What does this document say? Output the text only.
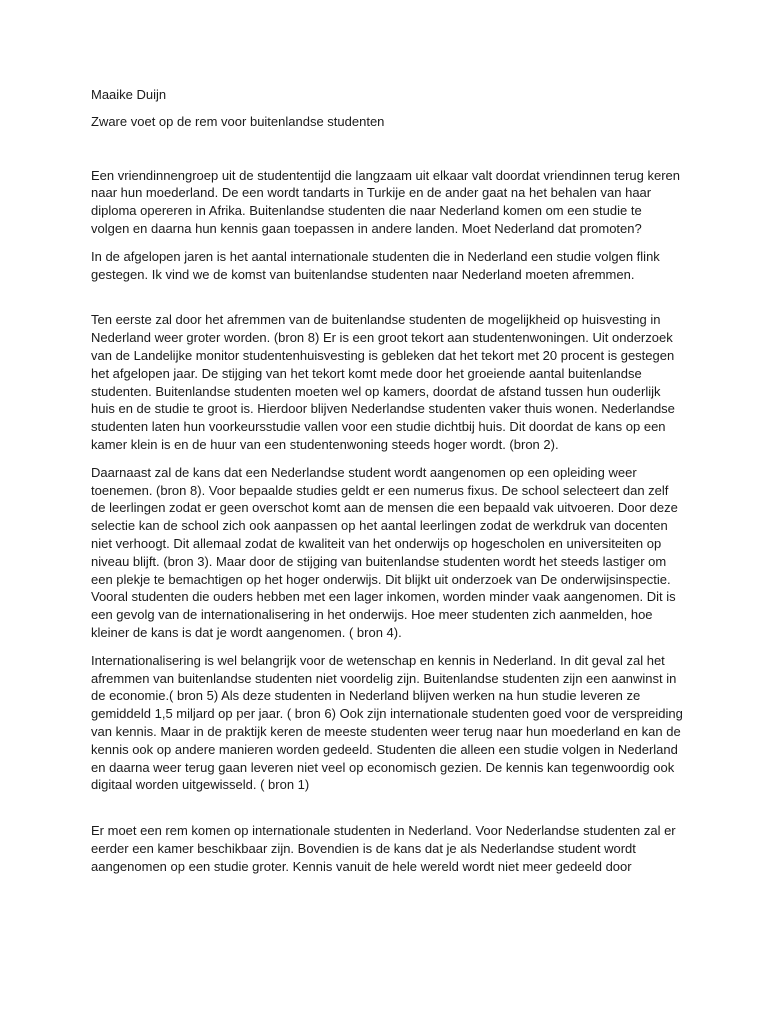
Maaike Duijn

Zware voet op de rem voor buitenlandse studenten

Een vriendinnengroep uit de studententijd die langzaam uit elkaar valt doordat vriendinnen terug keren naar hun moederland. De een wordt tandarts in Turkije en de ander gaat na het behalen van haar diploma opereren in Afrika. Buitenlandse studenten die naar Nederland komen om een studie te volgen en daarna hun kennis gaan toepassen in andere landen. Moet Nederland dat promoten?

In de afgelopen jaren is het aantal internationale studenten die in Nederland een studie volgen flink gestegen. Ik vind we de komst van buitenlandse studenten naar Nederland moeten afremmen.

Ten eerste zal door het afremmen van de buitenlandse studenten de mogelijkheid op huisvesting in Nederland weer groter worden. (bron 8) Er is een groot tekort aan studentenwoningen. Uit onderzoek van de Landelijke monitor studentenhuisvesting is gebleken dat het tekort met 20 procent is gestegen het afgelopen jaar. De stijging van het tekort komt mede door het groeiende aantal buitenlandse studenten. Buitenlandse studenten moeten wel op kamers, doordat de afstand tussen hun ouderlijk huis en de studie te groot is. Hierdoor blijven Nederlandse studenten vaker thuis wonen. Nederlandse studenten laten hun voorkeursstudie vallen voor een studie dichtbij huis. Dit doordat de kans op een kamer klein is en de huur van een studentenwoning steeds hoger wordt. (bron 2).

Daarnaast zal de kans dat een Nederlandse student wordt aangenomen op een opleiding weer toenemen. (bron 8). Voor bepaalde studies geldt er een numerus fixus. De school selecteert dan zelf de leerlingen zodat er geen overschot komt aan de mensen die een bepaald vak uitvoeren. Door deze selectie kan de school zich ook aanpassen op het aantal leerlingen zodat de werkdruk van docenten niet verhoogt. Dit allemaal zodat de kwaliteit van het onderwijs op hogescholen en universiteiten op niveau blijft. (bron 3). Maar door de stijging van buitenlandse studenten wordt het steeds lastiger om een plekje te bemachtigen op het hoger onderwijs. Dit blijkt uit onderzoek van De onderwijsinspectie. Vooral studenten die ouders hebben met een lager inkomen, worden minder vaak aangenomen. Dit is een gevolg van de internationalisering in het onderwijs. Hoe meer studenten zich aanmelden, hoe kleiner de kans is dat je wordt aangenomen. ( bron 4).

Internationalisering is wel belangrijk voor de wetenschap en kennis in Nederland. In dit geval zal het afremmen van buitenlandse studenten niet voordelig zijn. Buitenlandse studenten zijn een aanwinst in de economie.( bron 5) Als deze studenten in Nederland blijven werken na hun studie leveren ze gemiddeld 1,5 miljard op per jaar. ( bron 6) Ook zijn internationale studenten goed voor de verspreiding van kennis. Maar in de praktijk keren de meeste studenten weer terug naar hun moederland en kan de kennis ook op andere manieren worden gedeeld. Studenten die alleen een studie volgen in Nederland en daarna weer terug gaan leveren niet veel op economisch gezien. De kennis kan tegenwoordig ook digitaal worden uitgewisseld. ( bron 1)

Er moet een rem komen op internationale studenten in Nederland. Voor Nederlandse studenten zal er eerder een kamer beschikbaar zijn. Bovendien is de kans dat je als Nederlandse student wordt aangenomen op een studie groter. Kennis vanuit de hele wereld wordt niet meer gedeeld door
